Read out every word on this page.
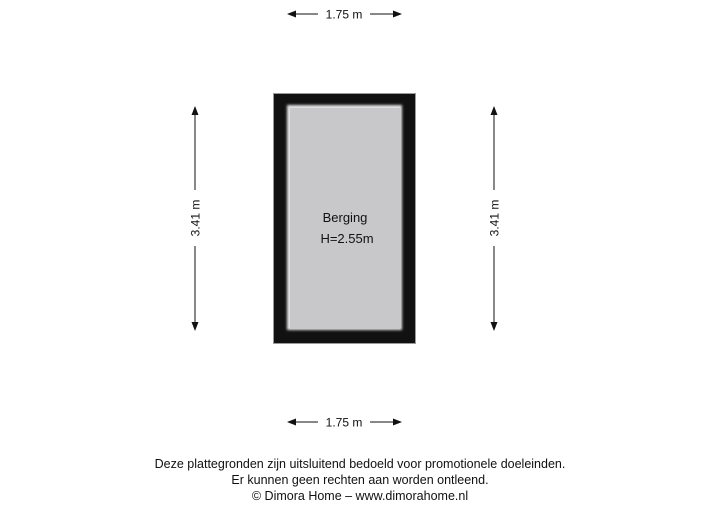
1.75 m
3.41 m	3.41 m
Berging
H=2.55m
1.75 m
Deze plattegronden zijn uitsluitend bedoeld voor promotionele doeleinden.
Er kunnen geen rechten aan worden ontleend.
© Dimora Home – www.dimorahome.nl
